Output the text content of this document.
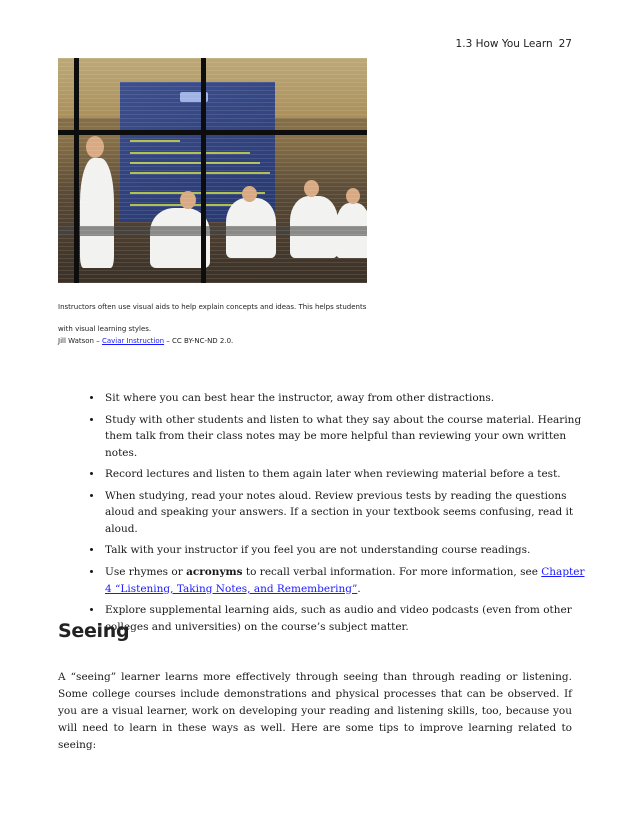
1.3 How You Learn 27
Instructors often use visual aids to help explain concepts and ideas. This helps students with visual learning styles.
Jill Watson – Caviar Instruction – CC BY-NC-ND 2.0.
• Sit where you can best hear the instructor, away from other distractions.
• Study with other students and listen to what they say about the course material. Hearing them talk from their class notes may be more helpful than reviewing your own written notes.
• Record lectures and listen to them again later when reviewing material before a test.
• When studying, read your notes aloud. Review previous tests by reading the questions aloud and speaking your answers. If a section in your textbook seems confusing, read it aloud.
• Talk with your instructor if you feel you are not understanding course readings.
• Use rhymes or acronyms to recall verbal information. For more information, see Chapter 4 “Listening, Taking Notes, and Remembering”.
• Explore supplemental learning aids, such as audio and video podcasts (even from other colleges and universities) on the course’s subject matter.
Seeing

A “seeing” learner learns more effectively through seeing than through reading or listening. Some college courses include demonstrations and physical processes that can be observed. If you are a visual learner, work on developing your reading and listening skills, too, because you will need to learn in these ways as well. Here are some tips to improve learning related to seeing:
